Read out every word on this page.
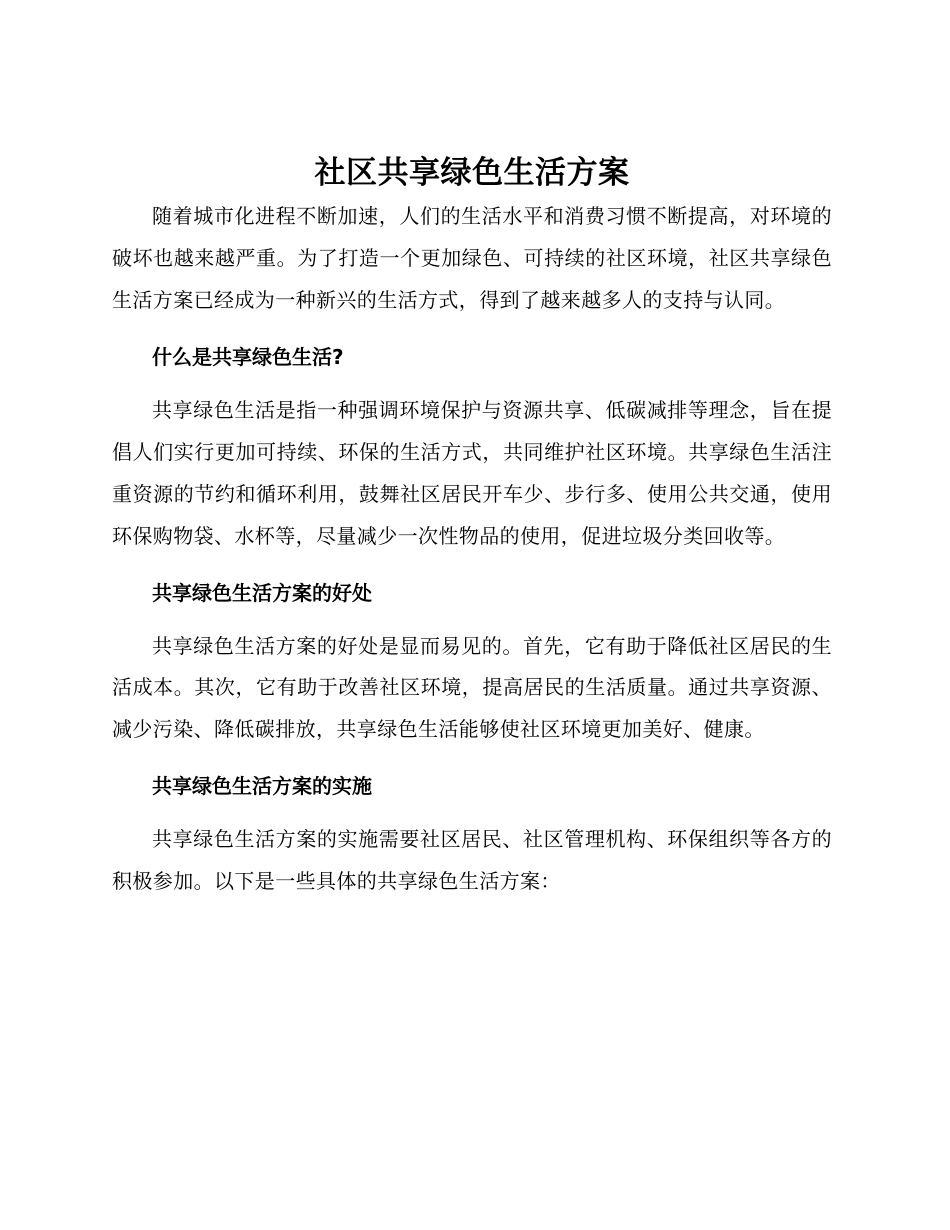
社区共享绿色生活方案

随着城市化进程不断加速，人们的生活水平和消费习惯不断提高，对环境的破坏也越来越严重。为了打造一个更加绿色、可持续的社区环境，社区共享绿色生活方案已经成为一种新兴的生活方式，得到了越来越多人的支持与认同。

什么是共享绿色生活?

共享绿色生活是指一种强调环境保护与资源共享、低碳减排等理念，旨在提倡人们实行更加可持续、环保的生活方式，共同维护社区环境。共享绿色生活注重资源的节约和循环利用，鼓舞社区居民开车少、步行多、使用公共交通，使用环保购物袋、水杯等，尽量减少一次性物品的使用，促进垃圾分类回收等。

共享绿色生活方案的好处

共享绿色生活方案的好处是显而易见的。首先，它有助于降低社区居民的生活成本。其次，它有助于改善社区环境，提高居民的生活质量。通过共享资源、减少污染、降低碳排放，共享绿色生活能够使社区环境更加美好、健康。

共享绿色生活方案的实施

共享绿色生活方案的实施需要社区居民、社区管理机构、环保组织等各方的积极参加。以下是一些具体的共享绿色生活方案：
